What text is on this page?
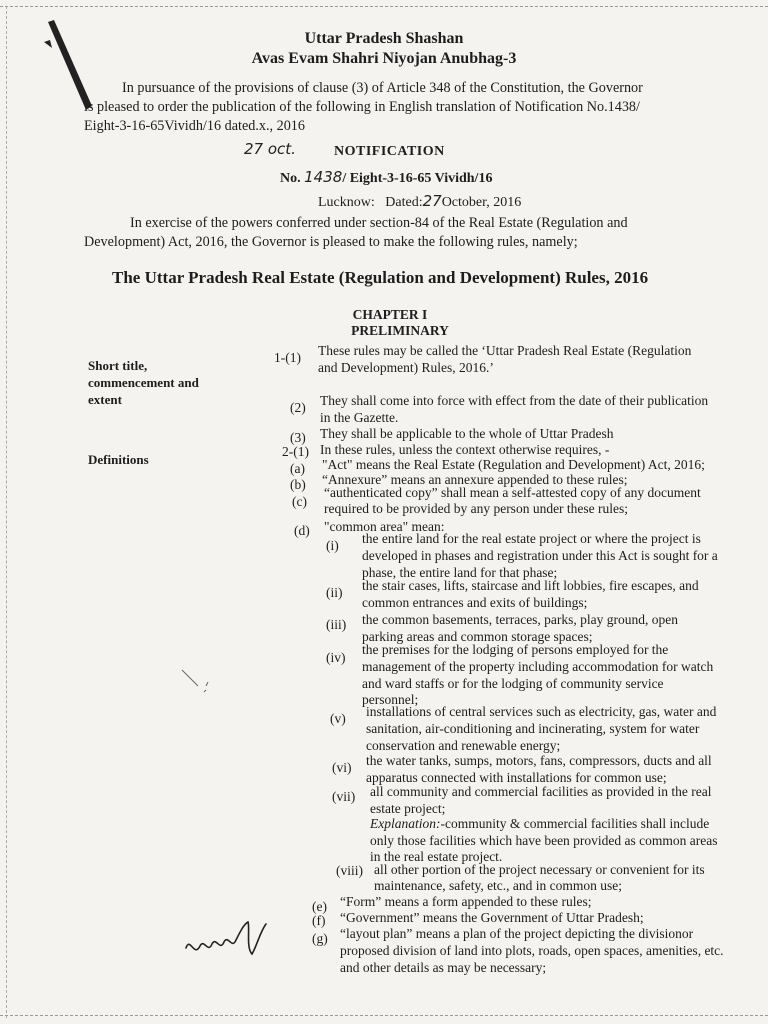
Uttar Pradesh Shashan
Avas Evam Shahri Niyojan Anubhag-3
In pursuance of the provisions of clause (3) of Article 348 of the Constitution, the Governor
is pleased to order the publication of the following in English translation of Notification No.1438/
Eight-3-16-65Vividh/16 dated.x., 2016
27 oct.	NOTIFICATION
No. 1438/ Eight-3-16-65 Vividh/16
Lucknow: Dated:27October, 2016
In exercise of the powers conferred under section-84 of the Real Estate (Regulation and
Development) Act, 2016, the Governor is pleased to make the following rules, namely;
The Uttar Pradesh Real Estate (Regulation and Development) Rules, 2016
CHAPTER I
PRELIMINARY
Short title,
commencement and
extent
Definitions
1-(1) These rules may be called the ‘Uttar Pradesh Real Estate (Regulation
and Development) Rules, 2016.’
(2) They shall come into force with effect from the date of their publication
in the Gazette.
(3) They shall be applicable to the whole of Uttar Pradesh
2-(1) In these rules, unless the context otherwise requires, -
(a) "Act" means the Real Estate (Regulation and Development) Act, 2016;
(b) “Annexure” means an annexure appended to these rules;
(c)
“authenticated copy” shall mean a self-attested copy of any document
required to be provided by any person under these rules;
(d) "common area" mean:
(i) the entire land for the real estate project or where the project is
developed in phases and registration under this Act is sought for a
phase, the entire land for that phase;
(ii) the stair cases, lifts, staircase and lift lobbies, fire escapes, and
common entrances and exits of buildings;
(iii) the common basements, terraces, parks, play ground, open
parking areas and common storage spaces;
(iv)
the premises for the lodging of persons employed for the
management of the property including accommodation for watch
and ward staffs or for the lodging of community service
personnel;
(v) installations of central services such as electricity, gas, water and
sanitation, air-conditioning and incinerating, system for water
conservation and renewable energy;
(vi) the water tanks, sumps, motors, fans, compressors, ducts and all
apparatus connected with installations for common use;
(vii) all community and commercial facilities as provided in the real
estate project;
Explanation:-community & commercial facilities shall include
only those facilities which have been provided as common areas
in the real estate project.
(viii) all other portion of the project necessary or convenient for its
maintenance, safety, etc., and in common use;
(e) “Form” means a form appended to these rules;
(f) “Government” means the Government of Uttar Pradesh;
(g) “layout plan” means a plan of the project depicting the divisionor
proposed division of land into plots, roads, open spaces, amenities, etc.
and other details as may be necessary;
